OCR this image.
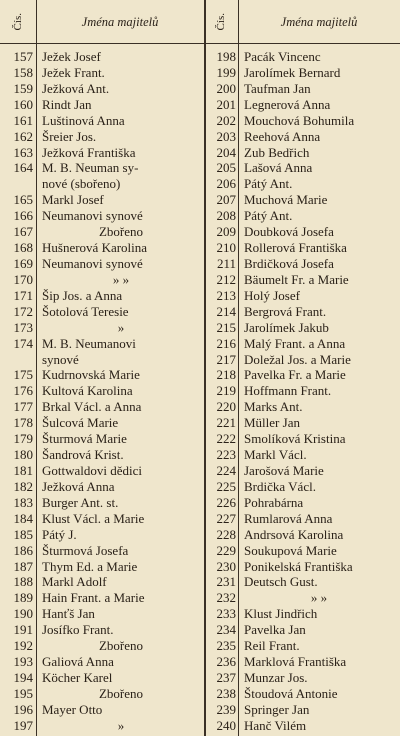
Čís.	Jména majitelů	Čís.	Jména majitelů
157 Ježek Josef	198 Pacák Vincenc
158 Ježek Frant.	199 Jarolímek Bernard
159 Ježková Ant.	200 Taufman Jan
160 Rindt Jan	201 Legnerová Anna
161 Luštinová Anna	202 Mouchová Bohumila
162 Šreier Jos.	203 Reehová Anna
163 Ježková Františka	204 Zub Bedřich
164 M. B. Neuman sy-	205 Lašová Anna
nové (sbořeno)	206 Pátý Ant.
165 Markl Josef	207 Muchová Marie
166 Neumanovi synové	208 Pátý Ant.
167	Zbořeno	209 Doubková Josefa
168 Hušnerová Karolina	210 Rollerová Františka
169 Neumanovi synové	211 Brdičková Josefa
170	» »	212 Bäumelt Fr. a Marie
171 Šip Jos. a Anna	213 Holý Josef
172 Šotolová Teresie	214 Bergrová Frant.
173	»	215 Jarolímek Jakub
174 M. B. Neumanovi	216 Malý Frant. a Anna
synové	217 Doležal Jos. a Marie
175 Kudrnovská Marie	218 Pavelka Fr. a Marie
176 Kultová Karolina	219 Hoffmann Frant.
177 Brkal Václ. a Anna	220 Marks Ant.
178 Šulcová Marie	221 Müller Jan
179 Šturmová Marie	222 Smolíková Kristina
180 Šandrová Krist.	223 Markl Václ.
181 Gottwaldovi dědici	224 Jarošová Marie
182 Ježková Anna	225 Brdička Václ.
183 Burger Ant. st.	226 Pohrabárna
184 Klust Václ. a Marie	227 Rumlarová Anna
185 Pátý J.	228 Andrsová Karolina
186 Šturmová Josefa	229 Soukupová Marie
187 Thym Ed. a Marie	230 Ponikelská Františka
188 Markl Adolf	231 Deutsch Gust.
189 Hain Frant. a Marie	232	» »
190 Hanťš Jan	233 Klust Jindřich
191 Josífko Frant.	234 Pavelka Jan
192	Zbořeno	235 Reil Frant.
193 Galiová Anna	236 Marklová Františka
194 Köcher Karel	237 Munzar Jos.
195	Zbořeno	238 Štoudová Antonie
196 Mayer Otto	239 Springer Jan
197	»	240 Hanč Vilém
